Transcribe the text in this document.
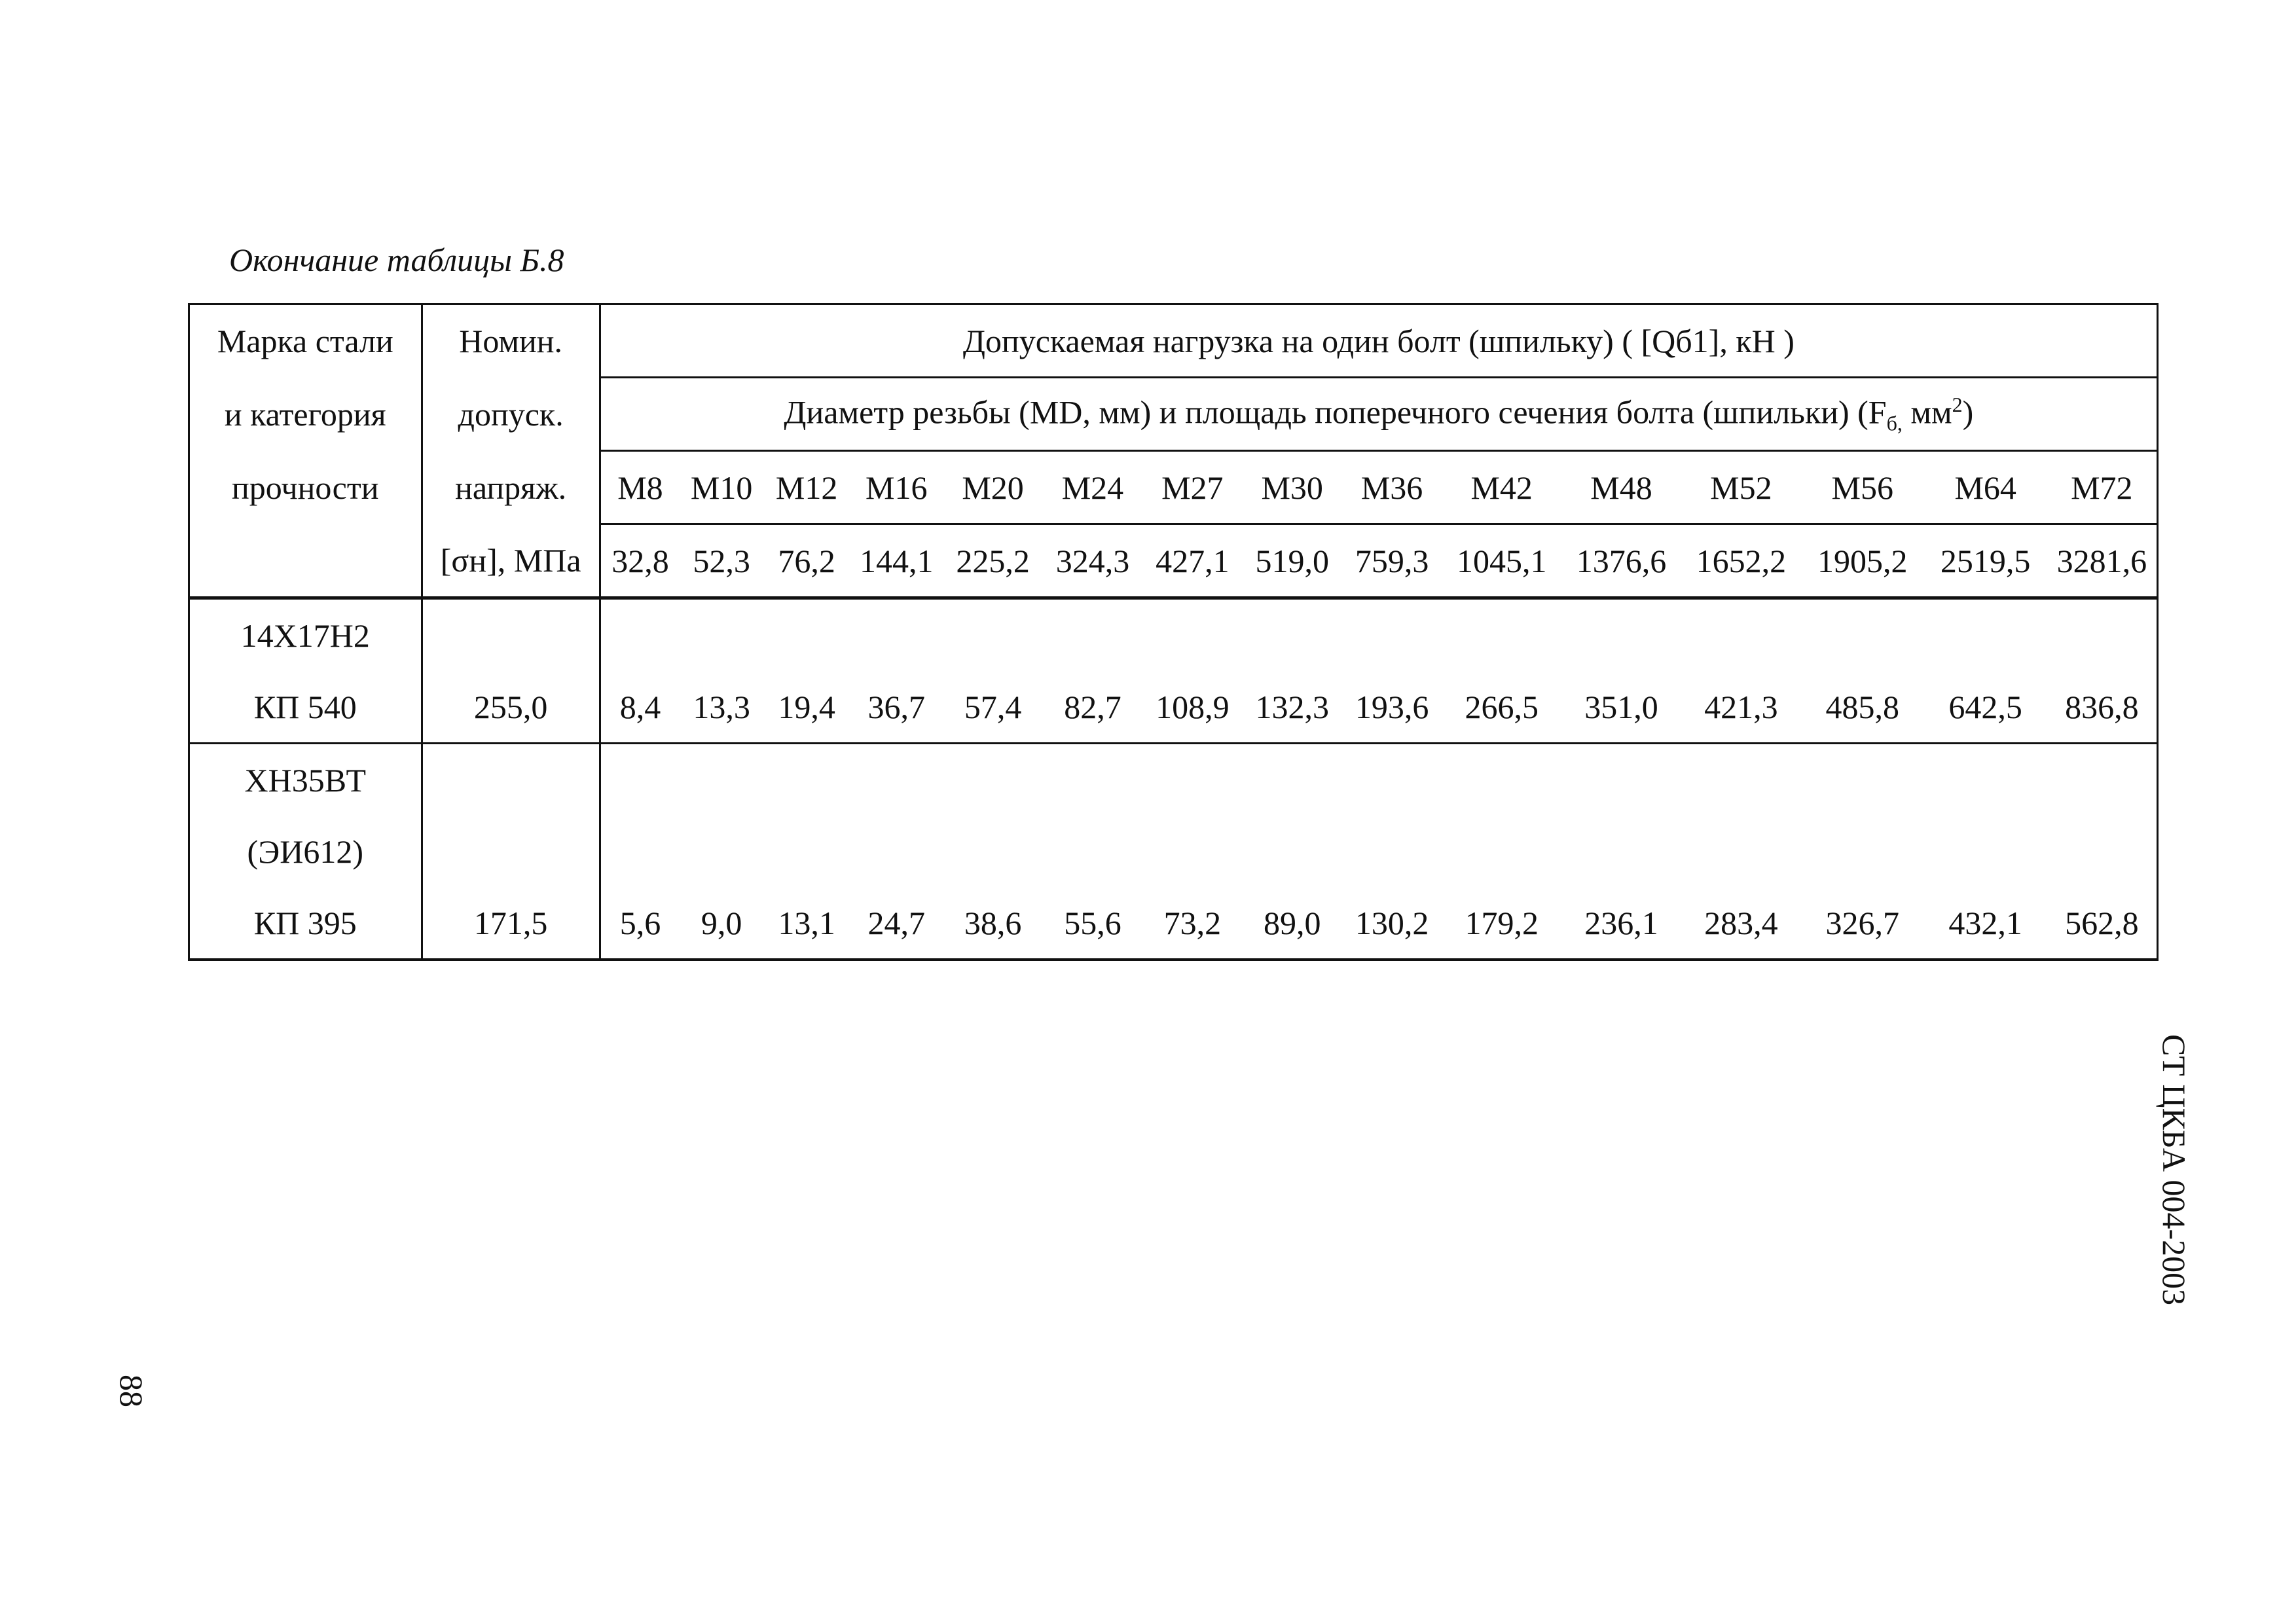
Окончание таблицы Б.8
Марка стали	Номин.	Допускаемая нагрузка на один болт (шпильку) ( [Qб1], кН )														
и категория	допуск.	Диаметр резьбы (MD, мм) и площадь поперечного сечения болта (шпильки) ($F_{б,}$ $мм^2$)														
прочности	напряж.	M8	M10	M12	M16	M20	M24	M27	M30	M36	M42	M48	M52	M56	M64	M72
	[σн], МПа	32,8	52,3	76,2	144,1	225,2	324,3	427,1	519,0	759,3	1045,1	1376,6	1652,2	1905,2	2519,5	3281,6
14Х17Н2																
КП 540	255,0	8,4	13,3	19,4	36,7	57,4	82,7	108,9	132,3	193,6	266,5	351,0	421,3	485,8	642,5	836,8
ХН35ВТ																
(ЭИ612)																
КП 395	171,5	5,6	9,0	13,1	24,7	38,6	55,6	73,2	89,0	130,2	179,2	236,1	283,4	326,7	432,1	562,8
СТ ЦКБА 004-2003
88
